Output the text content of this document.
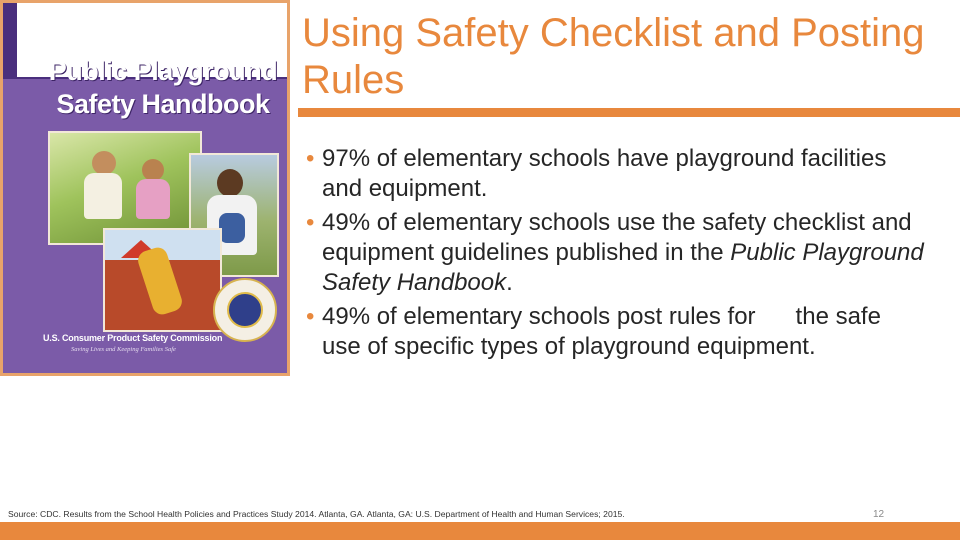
Public Playground
Safety Handbook
U.S. Consumer Product Safety Commission
Saving Lives and Keeping Families Safe
Using Safety Checklist and Posting Rules
• 97% of elementary schools have playground facilities and equipment.
• 49% of elementary schools use the safety checklist and equipment guidelines published in the Public Playground Safety Handbook.
• 49% of elementary schools post rules for the safe use of specific types of playground equipment.

Source: CDC. Results from the School Health Policies and Practices Study 2014. Atlanta, GA. Atlanta, GA: U.S. Department of Health and Human Services; 2015.	12
